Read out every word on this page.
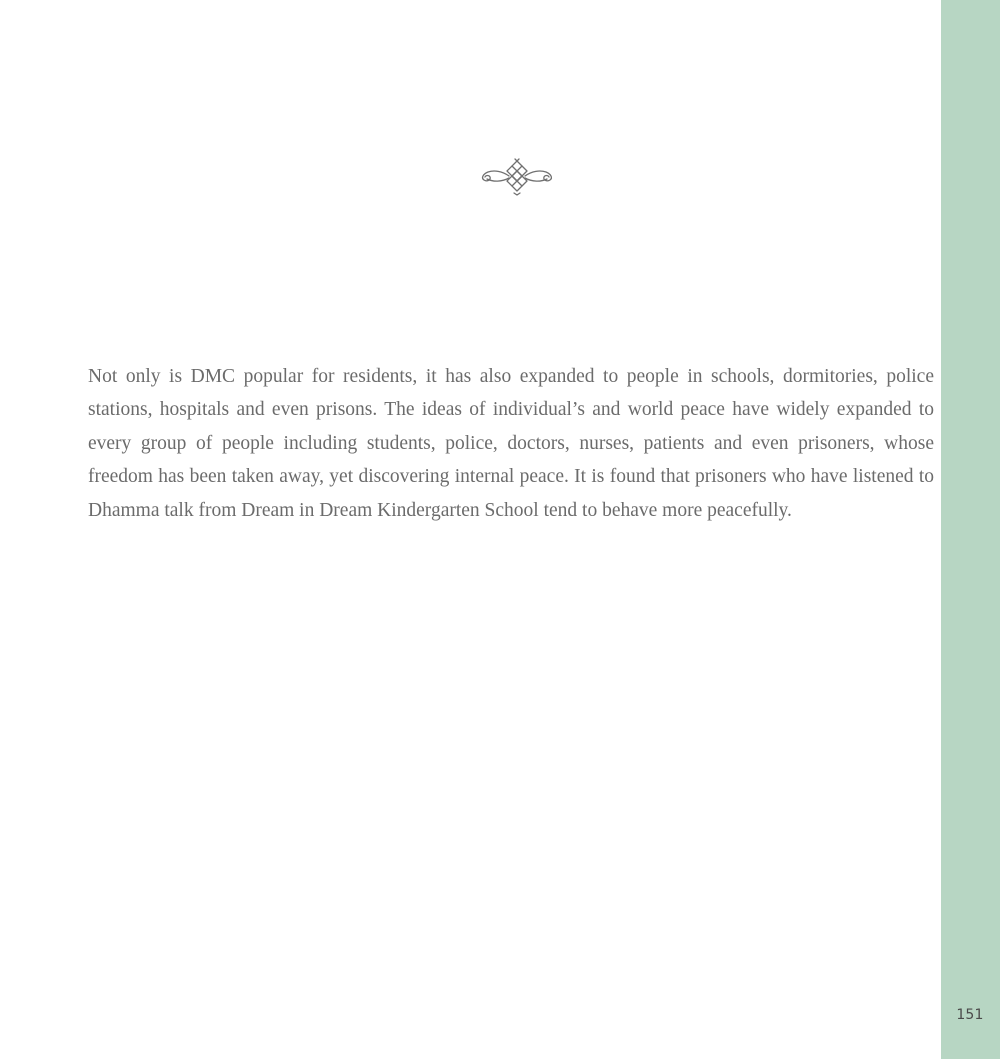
Not only is DMC popular for residents, it has also expanded to people in schools, dormitories, police stations, hospitals and even prisons. The ideas of individual’s and world peace have widely expanded to every group of people including students, police, doctors, nurses, patients and even prisoners, whose freedom has been taken away, yet discovering internal peace. It is found that prisoners who have listened to Dhamma talk from Dream in Dream Kindergarten School tend to behave more peacefully.

151
